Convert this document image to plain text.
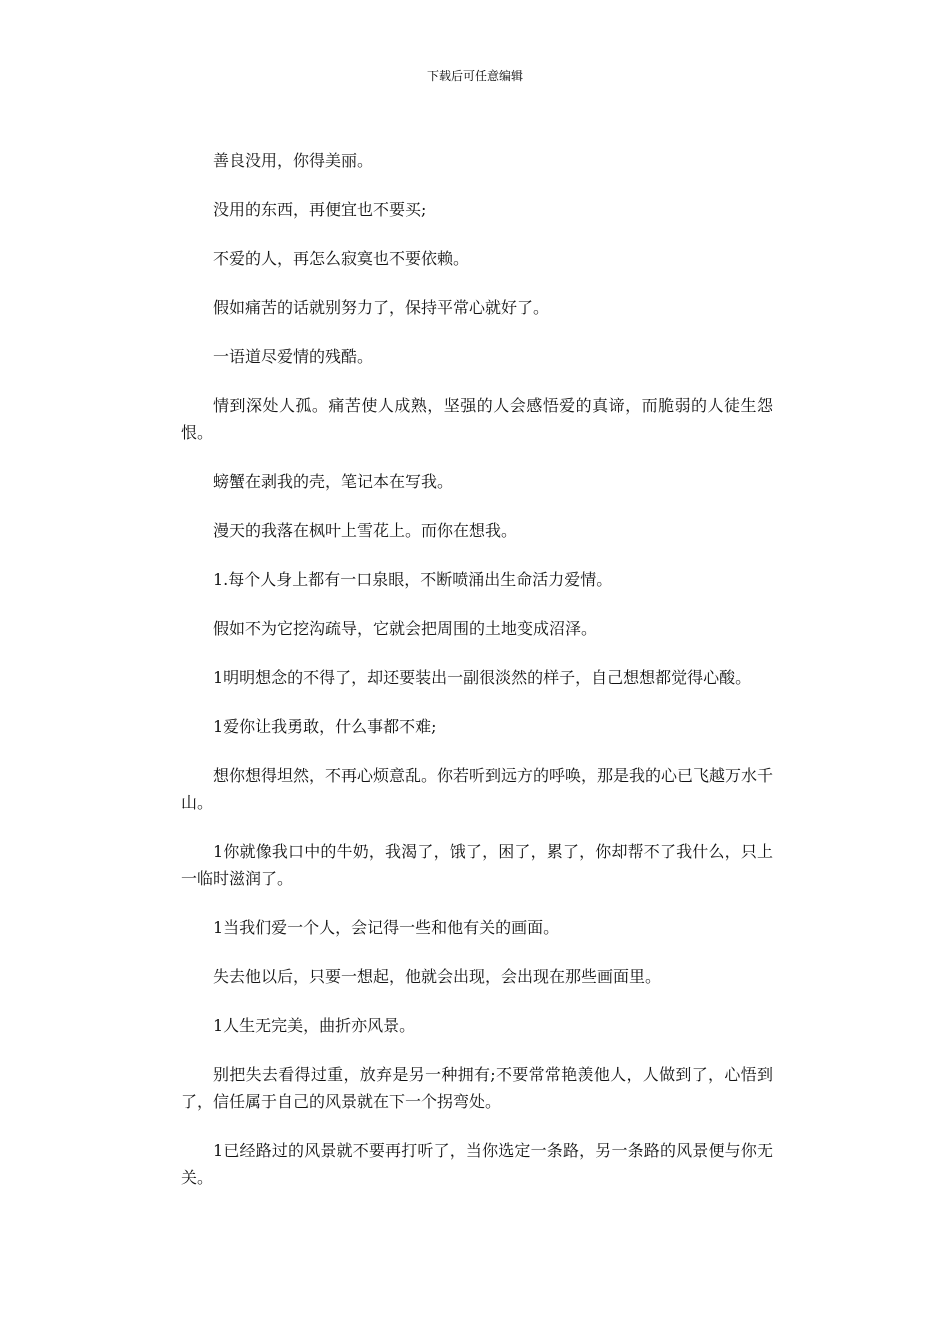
下载后可任意编辑

善良没用，你得美丽。

没用的东西，再便宜也不要买;

不爱的人，再怎么寂寞也不要依赖。

假如痛苦的话就别努力了，保持平常心就好了。

一语道尽爱情的残酷。

情到深处人孤。痛苦使人成熟，坚强的人会感悟爱的真谛，而脆弱的人徒生怨恨。

螃蟹在剥我的壳，笔记本在写我。

漫天的我落在枫叶上雪花上。而你在想我。

1.每个人身上都有一口泉眼，不断喷涌出生命活力爱情。

假如不为它挖沟疏导，它就会把周围的土地变成沼泽。

1明明想念的不得了，却还要装出一副很淡然的样子，自己想想都觉得心酸。

1爱你让我勇敢，什么事都不难;

想你想得坦然，不再心烦意乱。你若听到远方的呼唤，那是我的心已飞越万水千山。

1你就像我口中的牛奶，我渴了，饿了，困了，累了，你却帮不了我什么，只上一临时滋润了。

1当我们爱一个人，会记得一些和他有关的画面。

失去他以后，只要一想起，他就会出现，会出现在那些画面里。

1人生无完美，曲折亦风景。

别把失去看得过重，放弃是另一种拥有;不要常常艳羡他人，人做到了，心悟到了，信任属于自己的风景就在下一个拐弯处。

1已经路过的风景就不要再打听了，当你选定一条路，另一条路的风景便与你无关。
